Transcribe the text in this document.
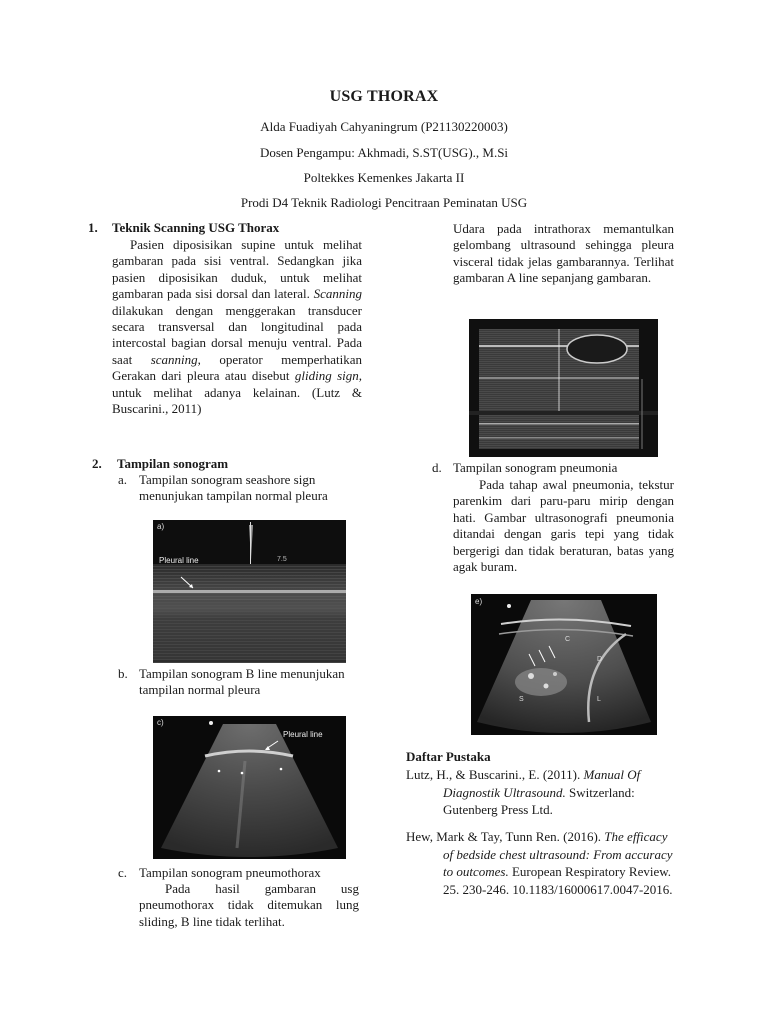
USG THORAX
Alda Fuadiyah Cahyaningrum (P21130220003)
Dosen Pengampu: Akhmadi, S.ST(USG)., M.Si
Poltekkes Kemenkes Jakarta II
Prodi D4 Teknik Radiologi Pencitraan Peminatan USG
1. Teknik Scanning USG Thorax
Pasien diposisikan supine untuk melihat gambaran pada sisi ventral. Sedangkan jika pasien diposisikan duduk, untuk melihat gambaran pada sisi dorsal dan lateral. Scanning dilakukan dengan menggerakan transducer secara transversal dan longitudinal pada intercostal bagian dorsal menuju ventral. Pada saat scanning, operator memperhatikan Gerakan dari pleura atau disebut gliding sign, untuk melihat adanya kelainan. (Lutz & Buscarini., 2011)
2. Tampilan sonogram
a. Tampilan sonogram seashore sign menunjukan tampilan normal pleura
a)
Pleural line	7.5
b. Tampilan sonogram B line menunjukan tampilan normal pleura
c)
Pleural line
c. Tampilan sonogram pneumothorax
Pada hasil gambaran usg pneumothorax tidak ditemukan lung sliding, B line tidak terlihat.
Udara pada intrathorax memantulkan gelombang ultrasound sehingga pleura visceral tidak jelas gambarannya. Terlihat gambaran A line sepanjang gambaran.
d. Tampilan sonogram pneumonia
Pada tahap awal pneumonia, tekstur parenkim dari paru-paru mirip dengan hati. Gambar ultrasonografi pneumonia ditandai dengan garis tepi yang tidak bergerigi dan tidak beraturan, batas yang agak buram.
e)
C
D
S	L
Daftar Pustaka
Lutz, H., & Buscarini., E. (2011). Manual Of Diagnostik Ultrasound. Switzerland: Gutenberg Press Ltd.
Hew, Mark & Tay, Tunn Ren. (2016). The efficacy of bedside chest ultrasound: From accuracy to outcomes. European Respiratory Review. 25. 230-246. 10.1183/16000617.0047-2016.
